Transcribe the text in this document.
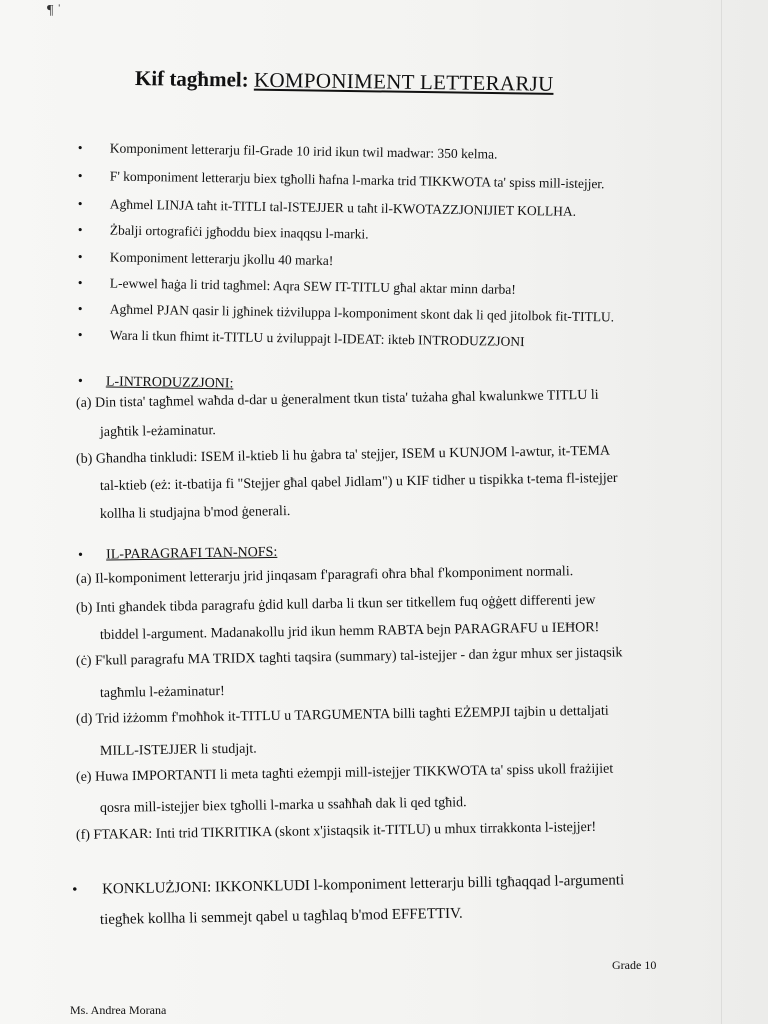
¶ ˈ
Kif tagħmel: KOMPONIMENT LETTERARJU
• Komponiment letterarju fil-Grade 10 irid ikun twil madwar: 350 kelma.
• F' komponiment letterarju biex tgħolli ħafna l-marka trid TIKKWOTA ta' spiss mill-istejjer.
• Agħmel LINJA taħt it-TITLI tal-ISTEJJER u taħt il-KWOTAZZJONIJIET KOLLHA.
• Żbalji ortografiċi jgħoddu biex inaqqsu l-marki.
• Komponiment letterarju jkollu 40 marka!
• L-ewwel ħaġa li trid tagħmel: Aqra SEW IT-TITLU għal aktar minn darba!
• Agħmel PJAN qasir li jgħinek tiżviluppa l-komponiment skont dak li qed jitolbok fit-TITLU.
• Wara li tkun fhimt it-TITLU u żviluppajt l-IDEAT: ikteb INTRODUZZJONI
• L-INTRODUZZJONI:
(a) Din tista' tagħmel waħda d-dar u ġeneralment tkun tista' tużaha għal kwalunkwe TITLU li
jagħtik l-eżaminatur.
(b) Għandha tinkludi: ISEM il-ktieb li hu ġabra ta' stejjer, ISEM u KUNJOM l-awtur, it-TEMA
tal-ktieb (eż: it-tbatija fi "Stejjer għal qabel Jidlam") u KIF tidher u tispikka t-tema fl-istejjer
kollha li studjajna b'mod ġenerali.
• IL-PARAGRAFI TAN-NOFS:
(a) Il-komponiment letterarju jrid jinqasam f'paragrafi oħra bħal f'komponiment normali.
(b) Inti għandek tibda paragrafu ġdid kull darba li tkun ser titkellem fuq oġġett differenti jew
tbiddel l-argument. Madanakollu jrid ikun hemm RABTA bejn PARAGRAFU u IEĦOR!
(ċ) F'kull paragrafu MA TRIDX tagħti taqsira (summary) tal-istejjer - dan żgur mhux ser jistaqsik
tagħmlu l-eżaminatur!
(d) Trid iżżomm f'moħħok it-TITLU u TARGUMENTA billi tagħti EŻEMPJI tajbin u dettaljati
MILL-ISTEJJER li studjajt.
(e) Huwa IMPORTANTI li meta tagħti eżempji mill-istejjer TIKKWOTA ta' spiss ukoll frażijiet
qosra mill-istejjer biex tgħolli l-marka u ssaħħaħ dak li qed tgħid.
(f) FTAKAR: Inti trid TIKRITIKA (skont x'jistaqsik it-TITLU) u mhux tirrakkonta l-istejjer!
• KONKLUŻJONI: IKKONKLUDI l-komponiment letterarju billi tgħaqqad l-argumenti
tiegħek kollha li semmejt qabel u tagħlaq b'mod EFFETTIV.
Grade 10
Ms. Andrea Morana
